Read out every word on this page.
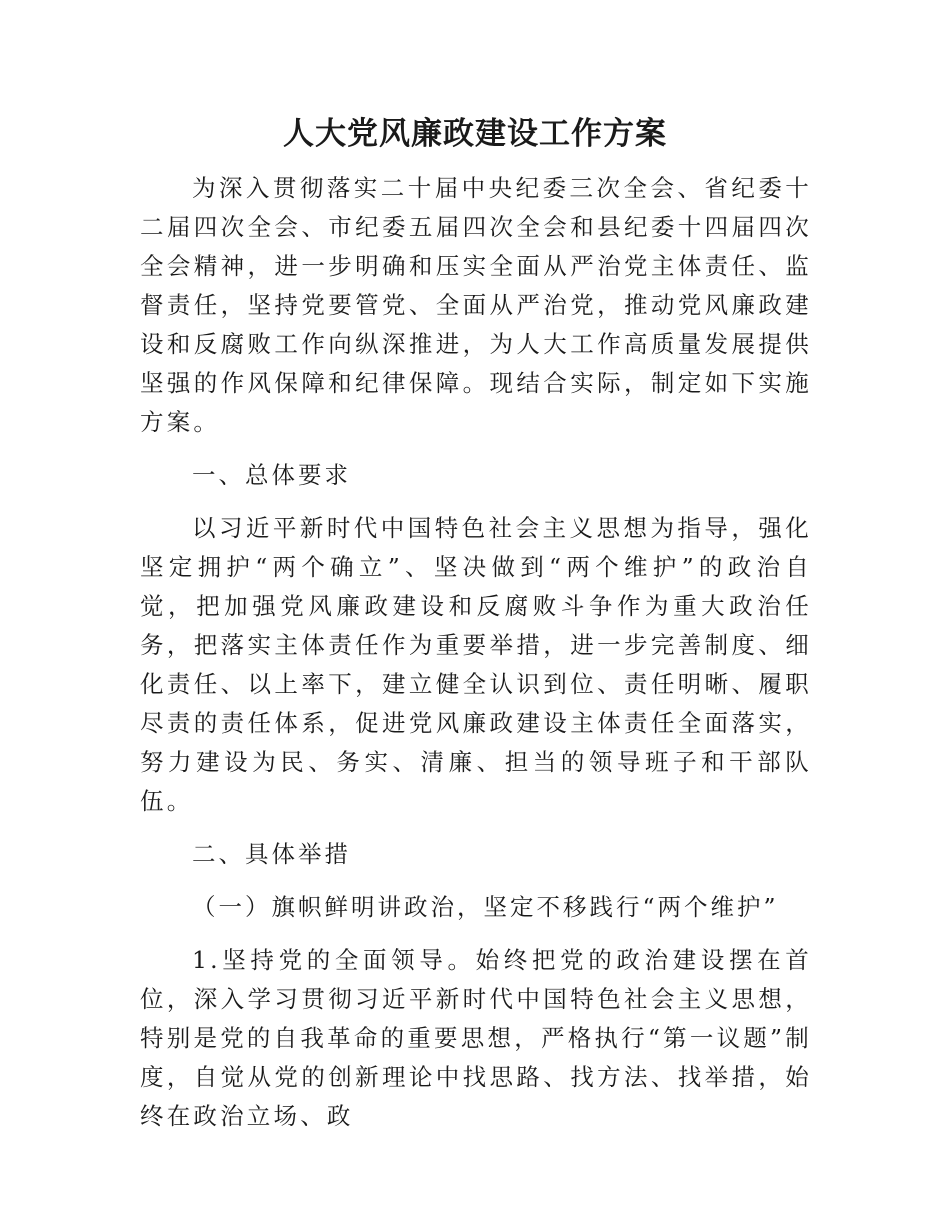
人大党风廉政建设工作方案

为深入贯彻落实二十届中央纪委三次全会、省纪委十二届四次全会、市纪委五届四次全会和县纪委十四届四次全会精神，进一步明确和压实全面从严治党主体责任、监督责任，坚持党要管党、全面从严治党，推动党风廉政建设和反腐败工作向纵深推进，为人大工作高质量发展提供坚强的作风保障和纪律保障。现结合实际，制定如下实施方案。

一、总体要求

以习近平新时代中国特色社会主义思想为指导，强化坚定拥护“两个确立”、坚决做到“两个维护”的政治自觉，把加强党风廉政建设和反腐败斗争作为重大政治任务，把落实主体责任作为重要举措，进一步完善制度、细化责任、以上率下，建立健全认识到位、责任明晰、履职尽责的责任体系，促进党风廉政建设主体责任全面落实，努力建设为民、务实、清廉、担当的领导班子和干部队伍。

二、具体举措

（一）旗帜鲜明讲政治，坚定不移践行“两个维护”

1.坚持党的全面领导。始终把党的政治建设摆在首位，深入学习贯彻习近平新时代中国特色社会主义思想，特别是党的自我革命的重要思想，严格执行“第一议题”制度，自觉从党的创新理论中找思路、找方法、找举措，始终在政治立场、政
